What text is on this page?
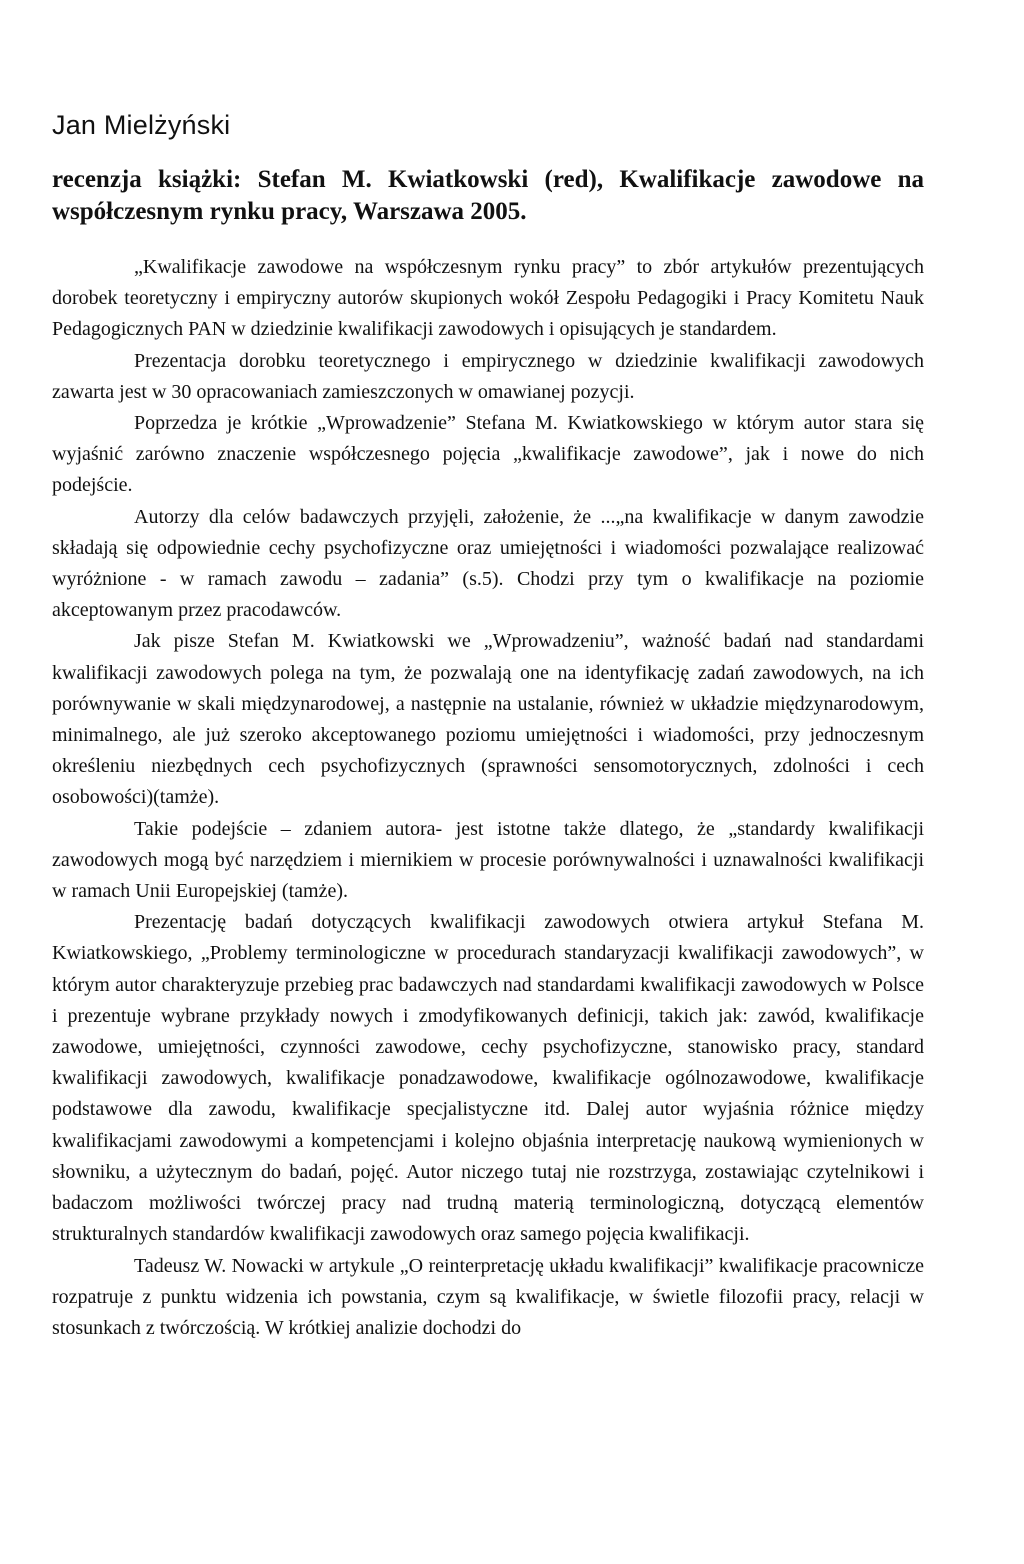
Jan Mielżyński
recenzja książki: Stefan M. Kwiatkowski (red), Kwalifikacje zawodowe na współczesnym rynku pracy, Warszawa 2005.

„Kwalifikacje zawodowe na współczesnym rynku pracy” to zbór artykułów prezentujących dorobek teoretyczny i empiryczny autorów skupionych wokół Zespołu Pedagogiki i Pracy Komitetu Nauk Pedagogicznych PAN w dziedzinie kwalifikacji zawodowych i opisujących je standardem.

Prezentacja dorobku teoretycznego i empirycznego w dziedzinie kwalifikacji zawodowych zawarta jest w 30 opracowaniach zamieszczonych w omawianej pozycji.

Poprzedza je krótkie „Wprowadzenie” Stefana M. Kwiatkowskiego w którym autor stara się wyjaśnić zarówno znaczenie współczesnego pojęcia „kwalifikacje zawodowe”, jak i nowe do nich podejście.

Autorzy dla celów badawczych przyjęli, założenie, że ...„na kwalifikacje w danym zawodzie składają się odpowiednie cechy psychofizyczne oraz umiejętności i wiadomości pozwalające realizować wyróżnione - w ramach zawodu – zadania” (s.5). Chodzi przy tym o kwalifikacje na poziomie akceptowanym przez pracodawców.

Jak pisze Stefan M. Kwiatkowski we „Wprowadzeniu”, ważność badań nad standardami kwalifikacji zawodowych polega na tym, że pozwalają one na identyfikację zadań zawodowych, na ich porównywanie w skali międzynarodowej, a następnie na ustalanie, również w układzie międzynarodowym, minimalnego, ale już szeroko akceptowanego poziomu umiejętności i wiadomości, przy jednoczesnym określeniu niezbędnych cech psychofizycznych (sprawności sensomotorycznych, zdolności i cech osobowości)(tamże).

Takie podejście – zdaniem autora- jest istotne także dlatego, że „standardy kwalifikacji zawodowych mogą być narzędziem i miernikiem w procesie porównywalności i uznawalności kwalifikacji w ramach Unii Europejskiej (tamże).

Prezentację badań dotyczących kwalifikacji zawodowych otwiera artykuł Stefana M. Kwiatkowskiego, „Problemy terminologiczne w procedurach standaryzacji kwalifikacji zawodowych”, w którym autor charakteryzuje przebieg prac badawczych nad standardami kwalifikacji zawodowych w Polsce i prezentuje wybrane przykłady nowych i zmodyfikowanych definicji, takich jak: zawód, kwalifikacje zawodowe, umiejętności, czynności zawodowe, cechy psychofizyczne, stanowisko pracy, standard kwalifikacji zawodowych, kwalifikacje ponadzawodowe, kwalifikacje ogólnozawodowe, kwalifikacje podstawowe dla zawodu, kwalifikacje specjalistyczne itd. Dalej autor wyjaśnia różnice między kwalifikacjami zawodowymi a kompetencjami i kolejno objaśnia interpretację naukową wymienionych w słowniku, a użytecznym do badań, pojęć. Autor niczego tutaj nie rozstrzyga, zostawiając czytelnikowi i badaczom możliwości twórczej pracy nad trudną materią terminologiczną, dotyczącą elementów strukturalnych standardów kwalifikacji zawodowych oraz samego pojęcia kwalifikacji.

Tadeusz W. Nowacki w artykule „O reinterpretację układu kwalifikacji” kwalifikacje pracownicze rozpatruje z punktu widzenia ich powstania, czym są kwalifikacje, w świetle filozofii pracy, relacji w stosunkach z twórczością. W krótkiej analizie dochodzi do
